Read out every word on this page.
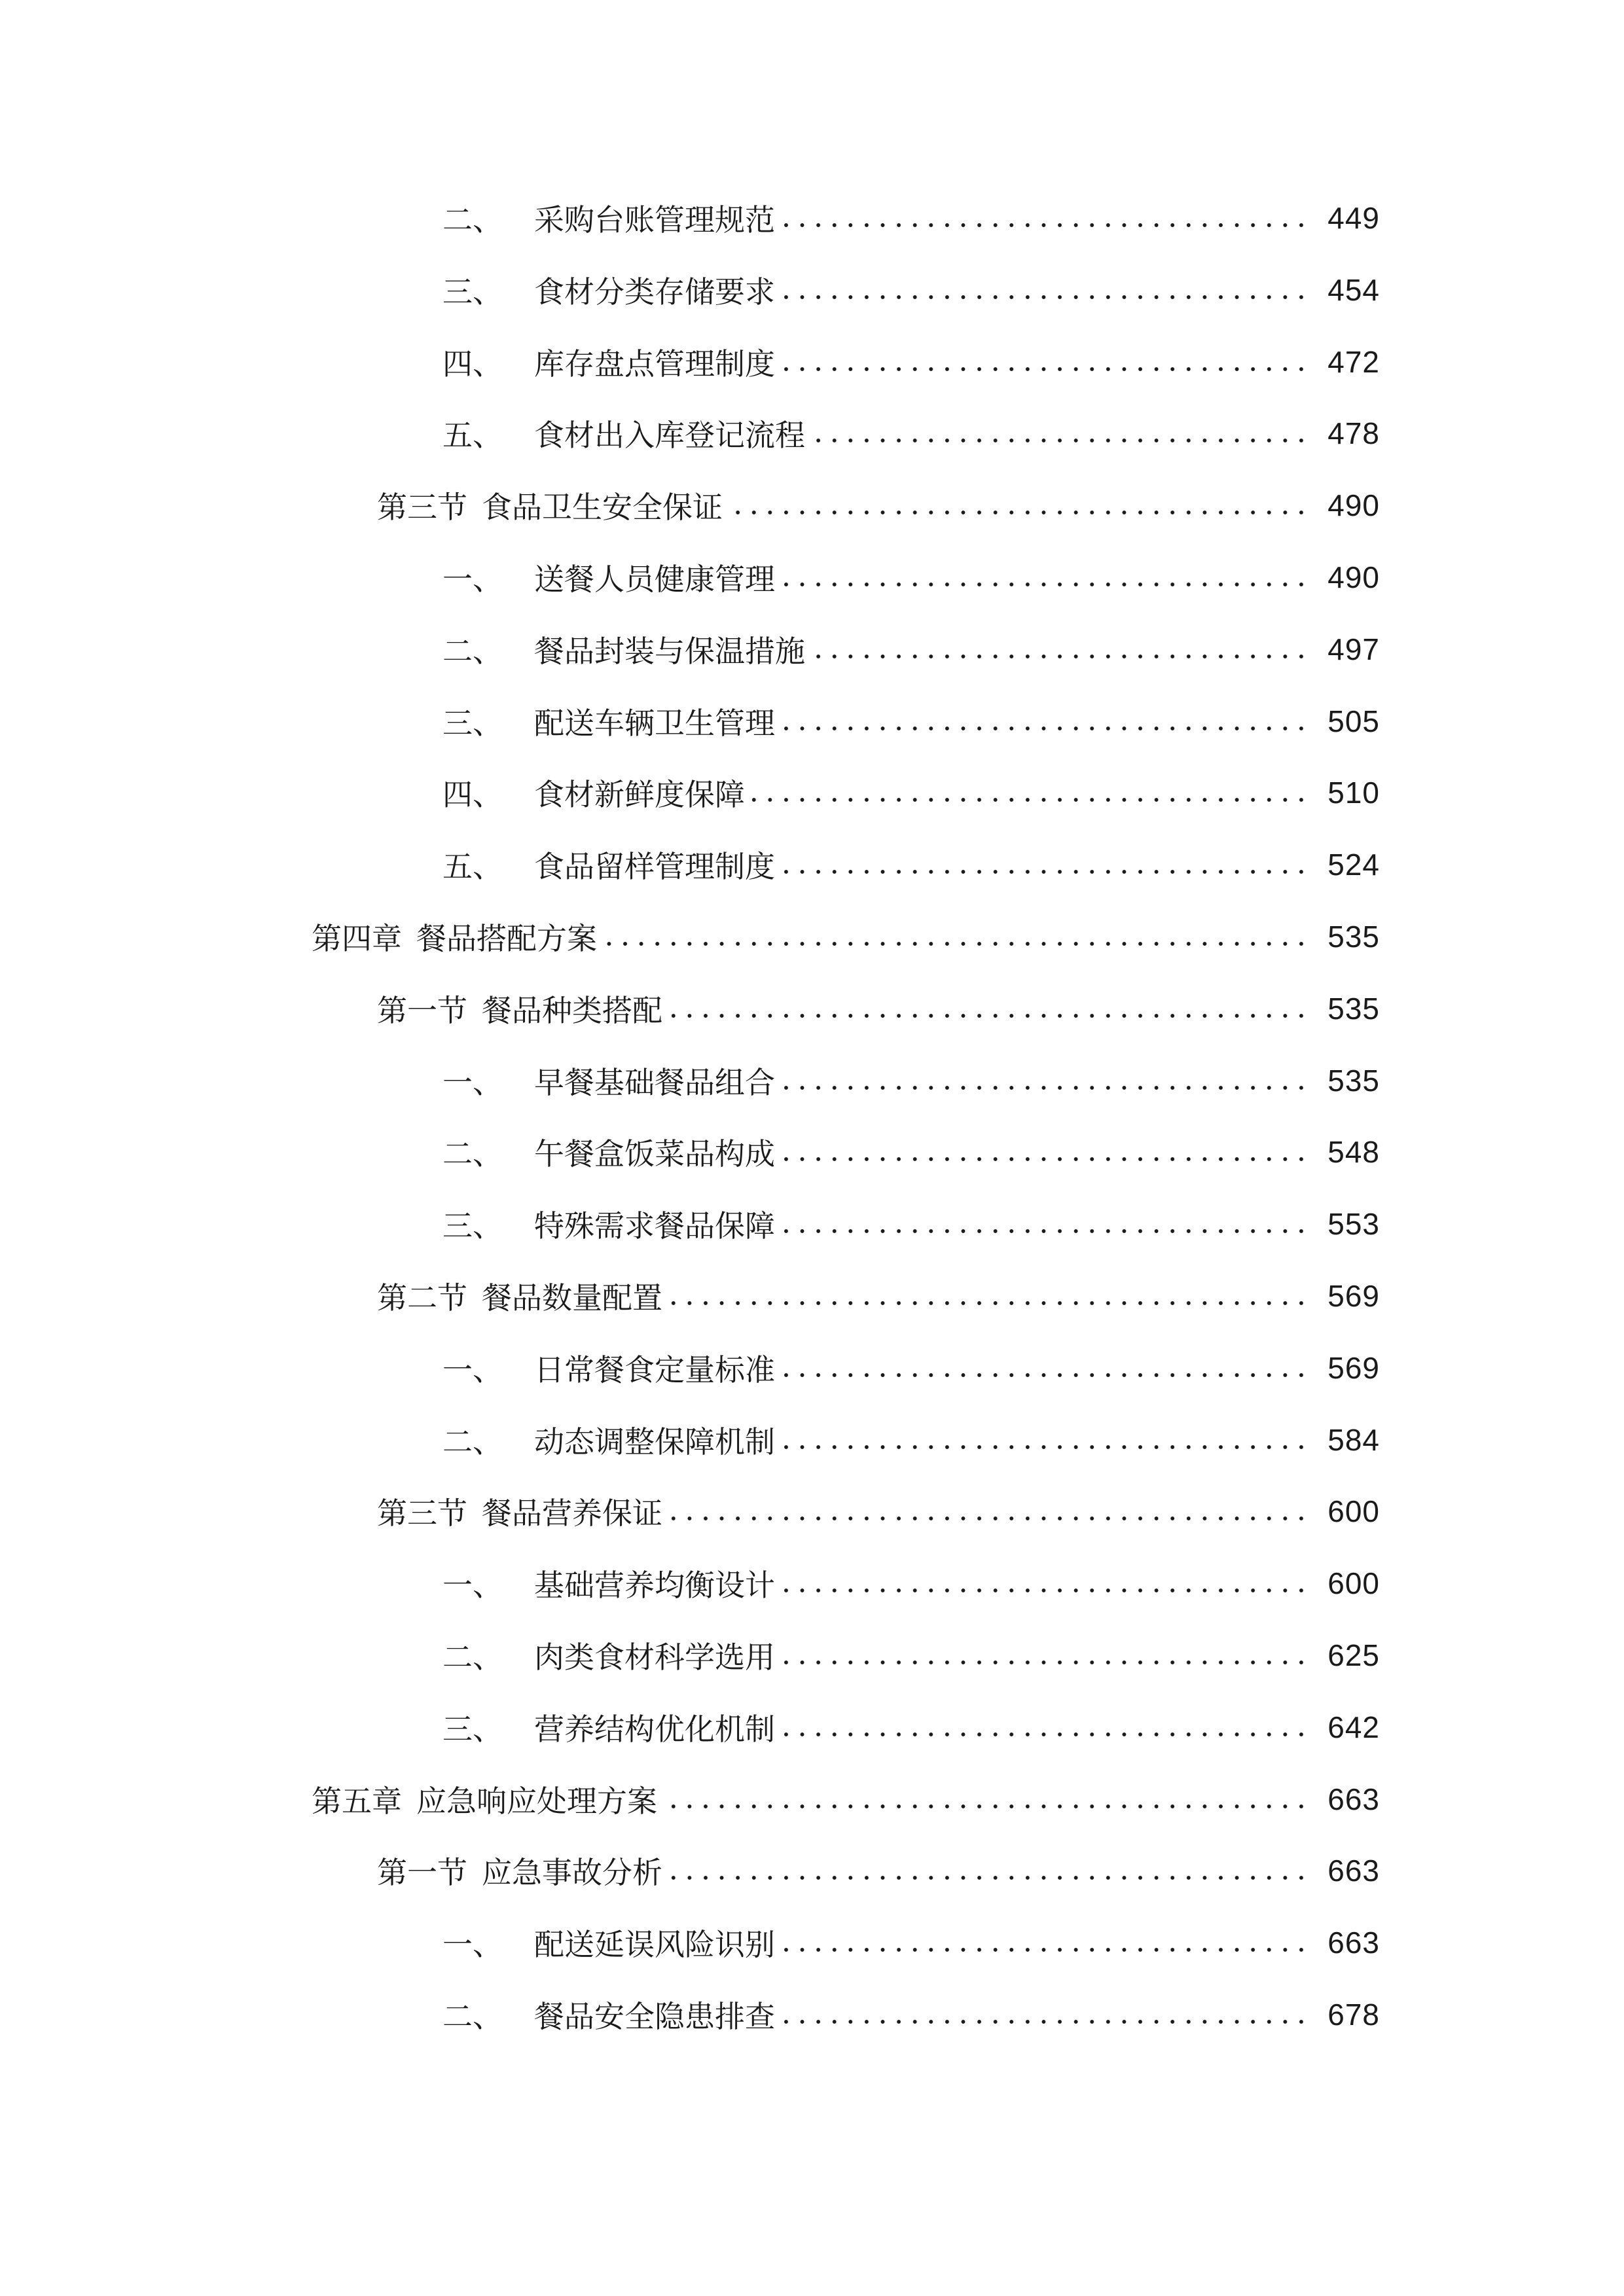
二、 采购台账管理规范	449
三、 食材分类存储要求	454
四、 库存盘点管理制度	472
五、 食材出入库登记流程	478
第三节 食品卫生安全保证	490
一、 送餐人员健康管理	490
二、 餐品封装与保温措施	497
三、 配送车辆卫生管理	505
四、 食材新鲜度保障	510
五、 食品留样管理制度	524
第四章 餐品搭配方案	535
第一节 餐品种类搭配	535
一、 早餐基础餐品组合	535
二、 午餐盒饭菜品构成	548
三、 特殊需求餐品保障	553
第二节 餐品数量配置	569
一、 日常餐食定量标准	569
二、 动态调整保障机制	584
第三节 餐品营养保证	600
一、 基础营养均衡设计	600
二、 肉类食材科学选用	625
三、 营养结构优化机制	642
第五章 应急响应处理方案	663
第一节 应急事故分析	663
一、 配送延误风险识别	663
二、 餐品安全隐患排查	678
